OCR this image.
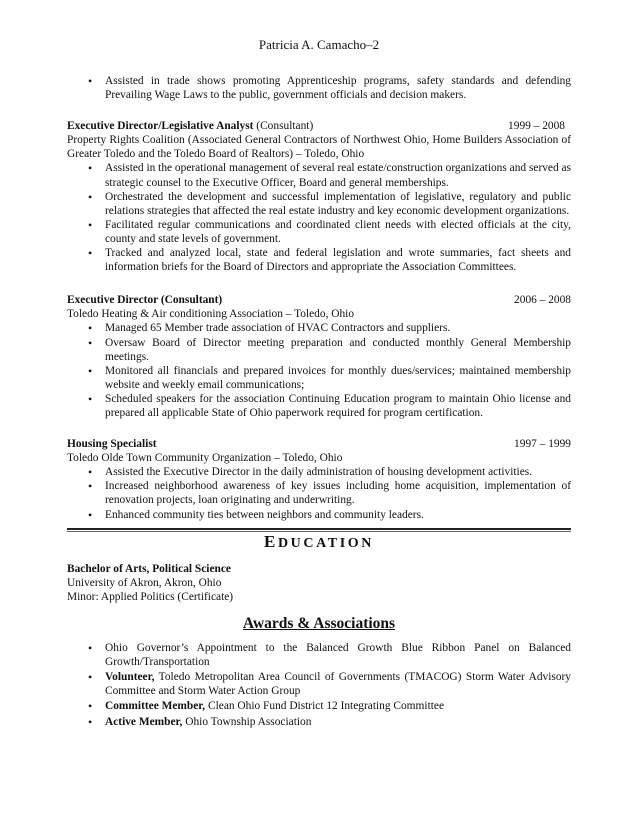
Patricia A. Camacho–2
• Assisted in trade shows promoting Apprenticeship programs, safety standards and defending Prevailing Wage Laws to the public, government officials and decision makers.
Executive Director/Legislative Analyst (Consultant)	1999 – 2008
Property Rights Coalition (Associated General Contractors of Northwest Ohio, Home Builders Association of Greater Toledo and the Toledo Board of Realtors) – Toledo, Ohio
• Assisted in the operational management of several real estate/construction organizations and served as strategic counsel to the Executive Officer, Board and general memberships.
• Orchestrated the development and successful implementation of legislative, regulatory and public relations strategies that affected the real estate industry and key economic development organizations.
• Facilitated regular communications and coordinated client needs with elected officials at the city, county and state levels of government.
• Tracked and analyzed local, state and federal legislation and wrote summaries, fact sheets and information briefs for the Board of Directors and appropriate the Association Committees.
Executive Director (Consultant)	2006 – 2008
Toledo Heating & Air conditioning Association – Toledo, Ohio
• Managed 65 Member trade association of HVAC Contractors and suppliers.
• Oversaw Board of Director meeting preparation and conducted monthly General Membership meetings.
• Monitored all financials and prepared invoices for monthly dues/services; maintained membership website and weekly email communications;
• Scheduled speakers for the association Continuing Education program to maintain Ohio license and prepared all applicable State of Ohio paperwork required for program certification.
Housing Specialist	1997 – 1999
Toledo Olde Town Community Organization – Toledo, Ohio
• Assisted the Executive Director in the daily administration of housing development activities.
• Increased neighborhood awareness of key issues including home acquisition, implementation of renovation projects, loan originating and underwriting.
• Enhanced community ties between neighbors and community leaders.
EDUCATION
Bachelor of Arts, Political Science
University of Akron, Akron, Ohio
Minor: Applied Politics (Certificate)
Awards & Associations
• Ohio Governor’s Appointment to the Balanced Growth Blue Ribbon Panel on Balanced Growth/Transportation
• Volunteer, Toledo Metropolitan Area Council of Governments (TMACOG) Storm Water Advisory Committee and Storm Water Action Group
• Committee Member, Clean Ohio Fund District 12 Integrating Committee
• Active Member, Ohio Township Association
